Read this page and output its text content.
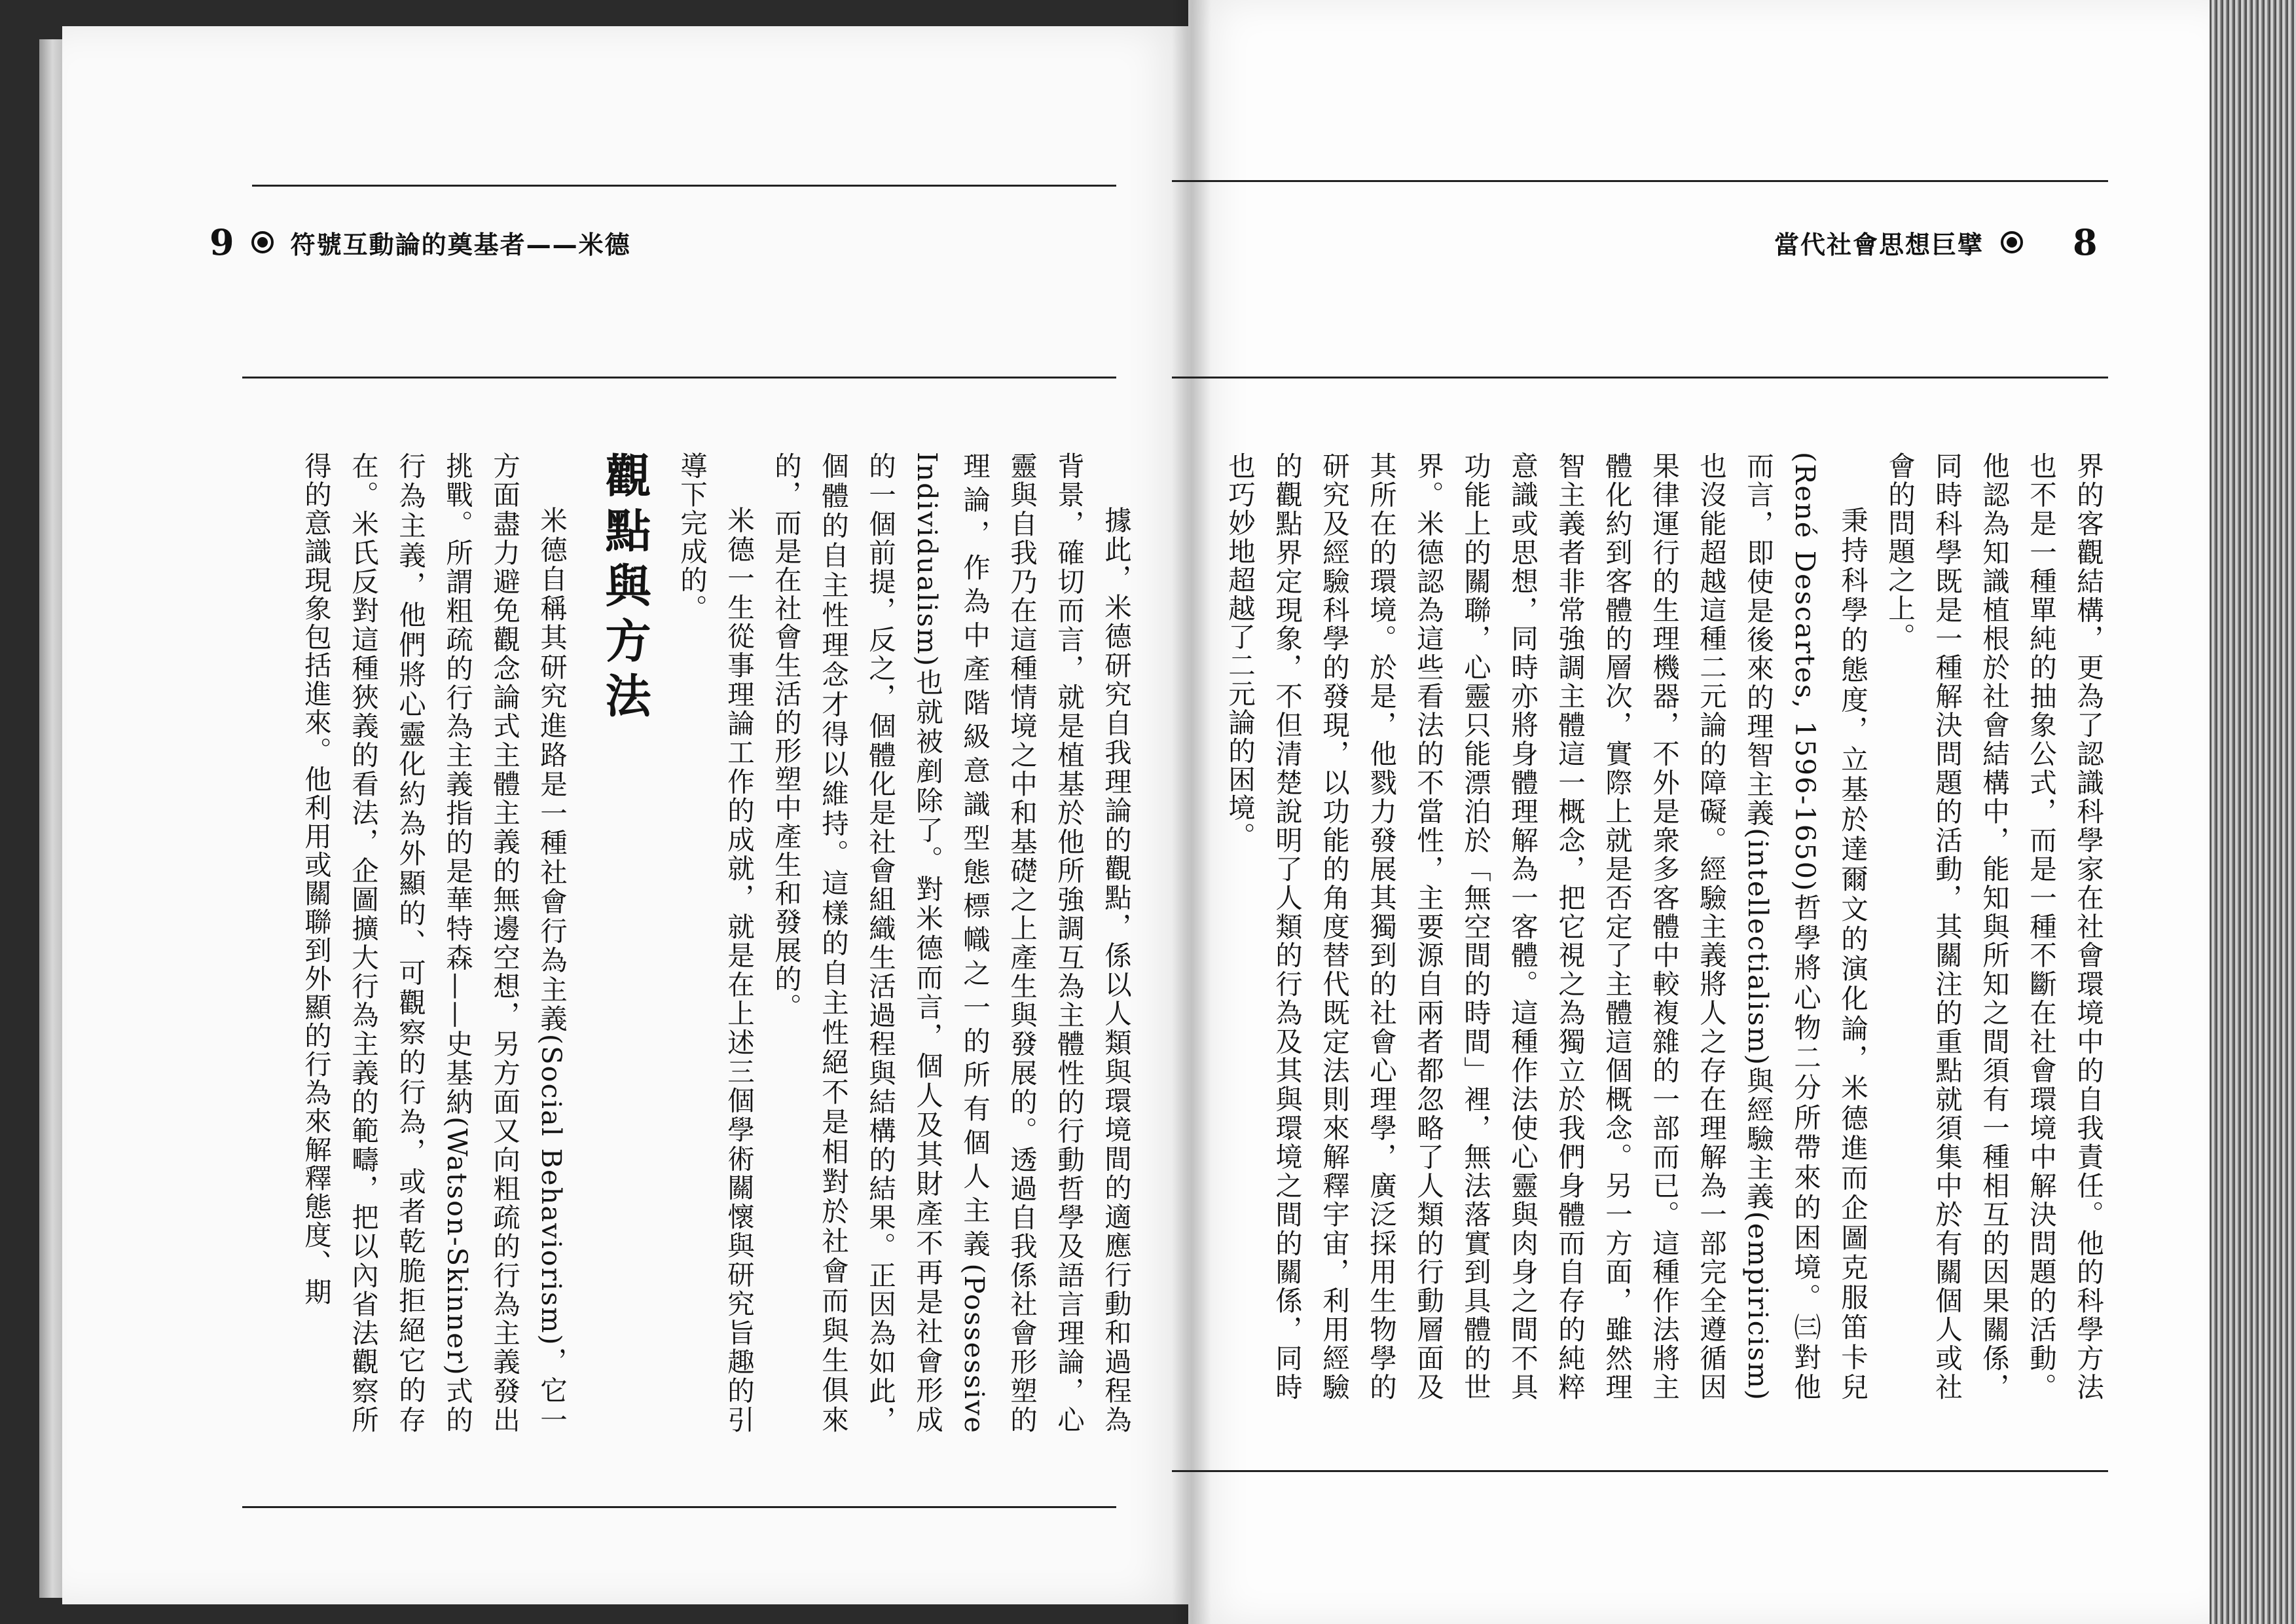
9 符號互動論的奠基者——米德	當代社會思想巨擘	8

界的客觀結構，更為了認識科學家在社會環境中的自我責任。他的科學方法也不是一種單純的抽象公式，而是一種不斷在社會環境中解決問題的活動。他認為知識植根於社會結構中，能知與所知之間須有一種相互的因果關係，同時科學既是一種解決問題的活動，其關注的重點就須集中於有關個人或社會的問題之上。

秉持科學的態度，立基於達爾文的演化論，米德進而企圖克服笛卡兒(René Descartes, 1596-1650)哲學將心物二分所帶來的困境。㈢對他而言，即使是後來的理智主義(intellectialism)與經驗主義(empiricism)也沒能超越這種二元論的障礙。經驗主義將人之存在理解為一部完全遵循因果律運行的生理機器，不外是衆多客體中較複雜的一部而已。這種作法將主體化約到客體的層次，實際上就是否定了主體這個概念。另一方面，雖然理智主義者非常強調主體這一概念，把它視之為獨立於我們身體而自存的純粹意識或思想，同時亦將身體理解為一客體。這種作法使心靈與肉身之間不具功能上的關聯，心靈只能漂泊於「無空間的時間」裡，無法落實到具體的世界。米德認為這些看法的不當性，主要源自兩者都忽略了人類的行動層面及其所在的環境。於是，他戮力發展其獨到的社會心理學，廣泛採用生物學的研究及經驗科學的發現，以功能的角度替代既定法則來解釋宇宙，利用經驗的觀點界定現象，不但清楚說明了人類的行為及其與環境之間的關係，同時也巧妙地超越了二元論的困境。

據此，米德研究自我理論的觀點，係以人類與環境間的適應行動和過程為背景，確切而言，就是植基於他所強調互為主體性的行動哲學及語言理論，心靈與自我乃在這種情境之中和基礎之上產生與發展的。透過自我係社會形塑的理論，作為中產階級意識型態標幟之一的所有個人主義(Possessive Individualism)也就被剷除了。對米德而言，個人及其財產不再是社會形成的一個前提，反之，個體化是社會組織生活過程與結構的結果。正因為如此，個體的自主性理念才得以維持。這樣的自主性絕不是相對於社會而與生俱來的，而是在社會生活的形塑中產生和發展的。

米德一生從事理論工作的成就，就是在上述三個學術關懷與研究旨趣的引導下完成的。

觀點與方法

米德自稱其研究進路是一種社會行為主義(Social Behaviorism)，它一方面盡力避免觀念論式主體主義的無邊空想，另方面又向粗疏的行為主義發出挑戰。所謂粗疏的行為主義指的是華特森——史基納(Watson-Skinner)式的行為主義，他們將心靈化約為外顯的、可觀察的行為，或者乾脆拒絕它的存在。米氏反對這種狹義的看法，企圖擴大行為主義的範疇，把以內省法觀察所得的意識現象包括進來。他利用或關聯到外顯的行為來解釋態度、期
